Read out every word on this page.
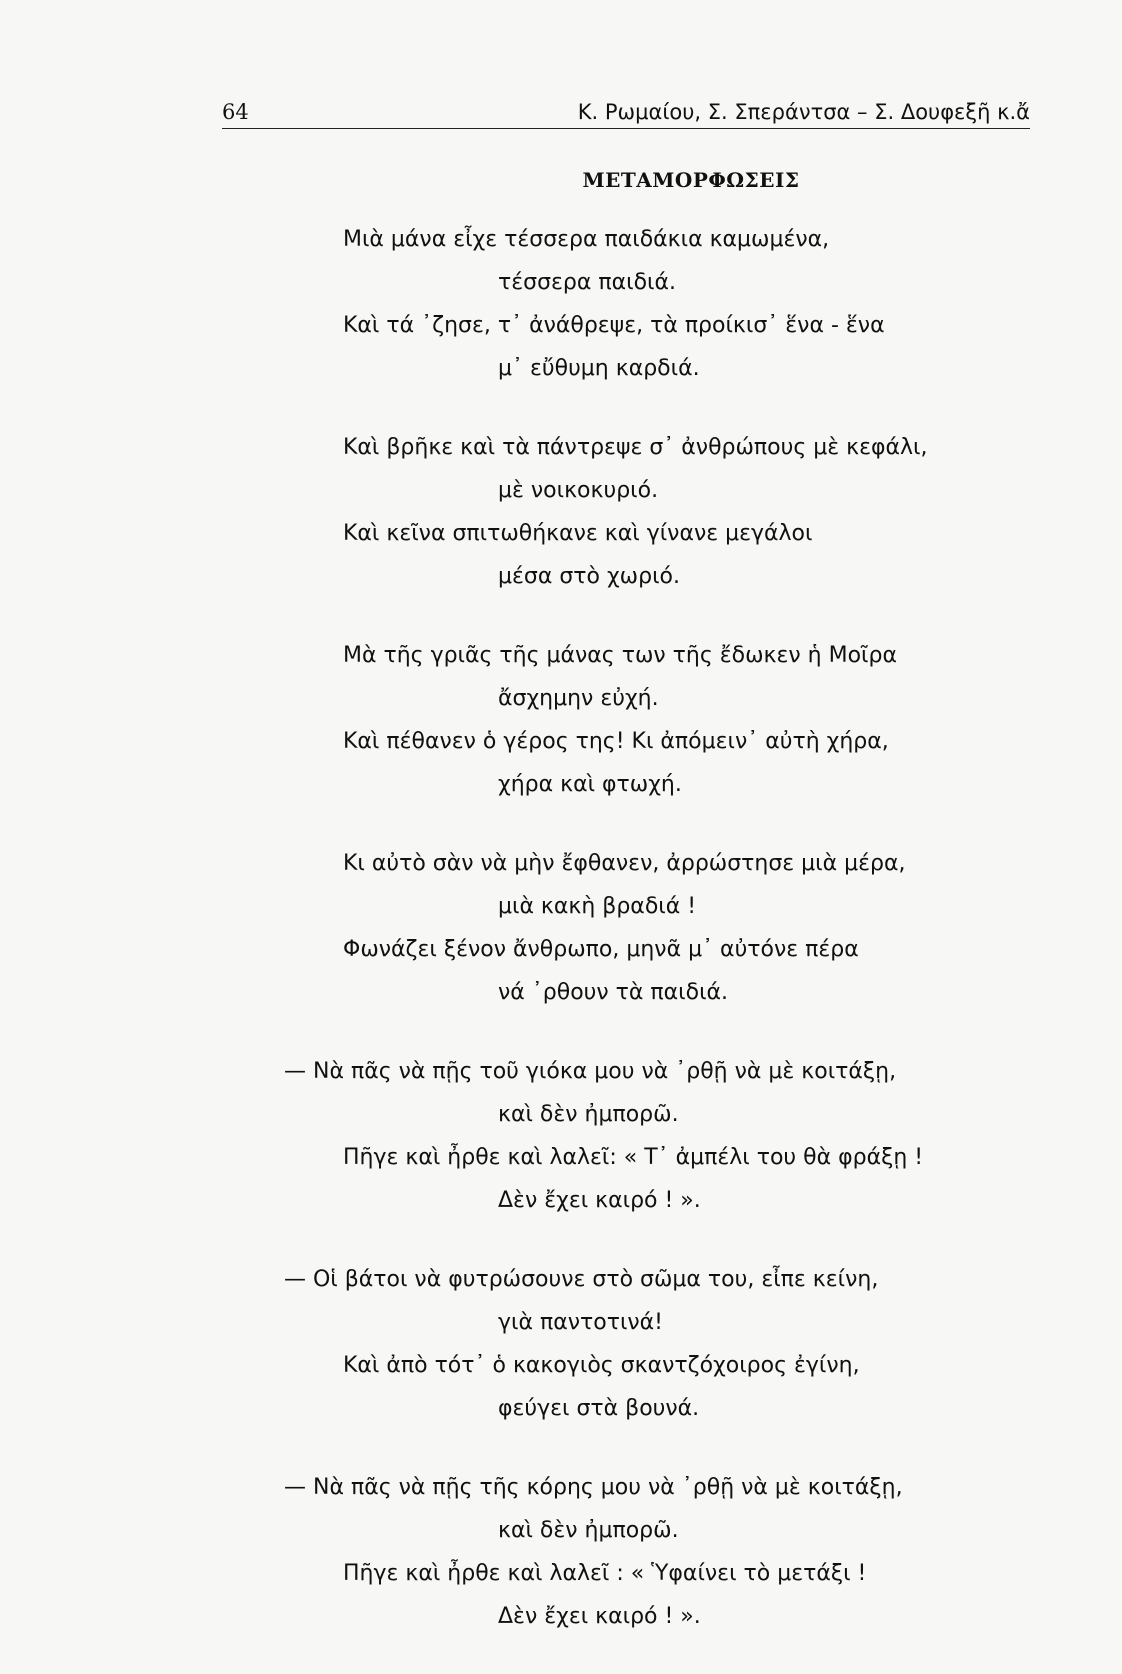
64	Κ. Ρωμαίου, Σ. Σπεράντσα – Σ. Δουφεξῆ κ.ἄ
ΜΕΤΑΜΟΡΦΩΣΕΙΣ
Μιὰ μάνα εἶχε τέσσερα παιδάκια καμωμένα,
τέσσερα παιδιά.
Καὶ τά ᾽ζησε, τ᾽ ἀνάθρεψε, τὰ προίκισ᾽ ἕνα - ἕνα
μ᾽ εὔθυμη καρδιά.
Καὶ βρῆκε καὶ τὰ πάντρεψε σ᾽ ἀνθρώπους μὲ κεφάλι,
μὲ νοικοκυριό.
Καὶ κεῖνα σπιτωθήκανε καὶ γίνανε μεγάλοι
μέσα στὸ χωριό.
Μὰ τῆς γριᾶς τῆς μάνας των τῆς ἔδωκεν ἡ Μοῖρα
ἄσχημην εὐχή.
Καὶ πέθανεν ὁ γέρος της! Κι ἀπόμειν᾽ αὐτὴ χήρα,
χήρα καὶ φτωχή.
Κι αὐτὸ σὰν νὰ μὴν ἔφθανεν, ἀρρώστησε μιὰ μέρα,
μιὰ κακὴ βραδιά !
Φωνάζει ξένον ἄνθρωπο, μηνᾶ μ᾽ αὐτόνε πέρα
νά ᾽ρθουν τὰ παιδιά.
— Νὰ πᾶς νὰ πῇς τοῦ γιόκα μου νὰ ᾽ρθῇ νὰ μὲ κοιτάξῃ,
καὶ δὲν ἠμπορῶ.
Πῆγε καὶ ἦρθε καὶ λαλεῖ: « Τ᾽ ἀμπέλι του θὰ φράξῃ !
Δὲν ἔχει καιρό ! ».
— Οἱ βάτοι νὰ φυτρώσουνε στὸ σῶμα του, εἶπε κείνη,
γιὰ παντοτινά!
Καὶ ἀπὸ τότ᾽ ὁ κακογιὸς σκαντζόχοιρος ἐγίνη,
φεύγει στὰ βουνά.
— Νὰ πᾶς νὰ πῇς τῆς κόρης μου νὰ ᾽ρθῇ νὰ μὲ κοιτάξῃ,
καὶ δὲν ἠμπορῶ.
Πῆγε καὶ ἦρθε καὶ λαλεῖ : « Ὑφαίνει τὸ μετάξι !
Δὲν ἔχει καιρό ! ».
